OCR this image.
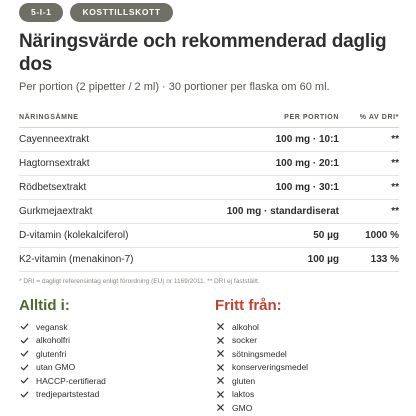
5-I-1	KOSTTILLSKOTT
Näringsvärde och rekommenderad daglig dos

Per portion (2 pipetter / 2 ml) · 30 portioner per flaska om 60 ml.

NÄRINGSÄMNE	PER PORTION	% AV DRI*
Cayenneextrakt	100 mg · 10:1	**
Hagtornsextrakt	100 mg · 20:1	**
Rödbetsextrakt	100 mg · 30:1	**
Gurkmejaextrakt	100 mg · standardiserat	**
D-vitamin (kolekalciferol)	50 µg	1000 %
K2-vitamin (menakinon-7)	100 µg	133 %

* DRI = dagligt referensintag enligt förordning (EU) nr 1169/2011. ** DRI ej fastställt.

Alltid i:
vegansk
alkoholfri
glutenfri
utan GMO
HACCP-certifierad
tredjepartstestad
Fritt från:
alkohol
socker
sötningsmedel
konserveringsmedel
gluten
laktos
GMO
